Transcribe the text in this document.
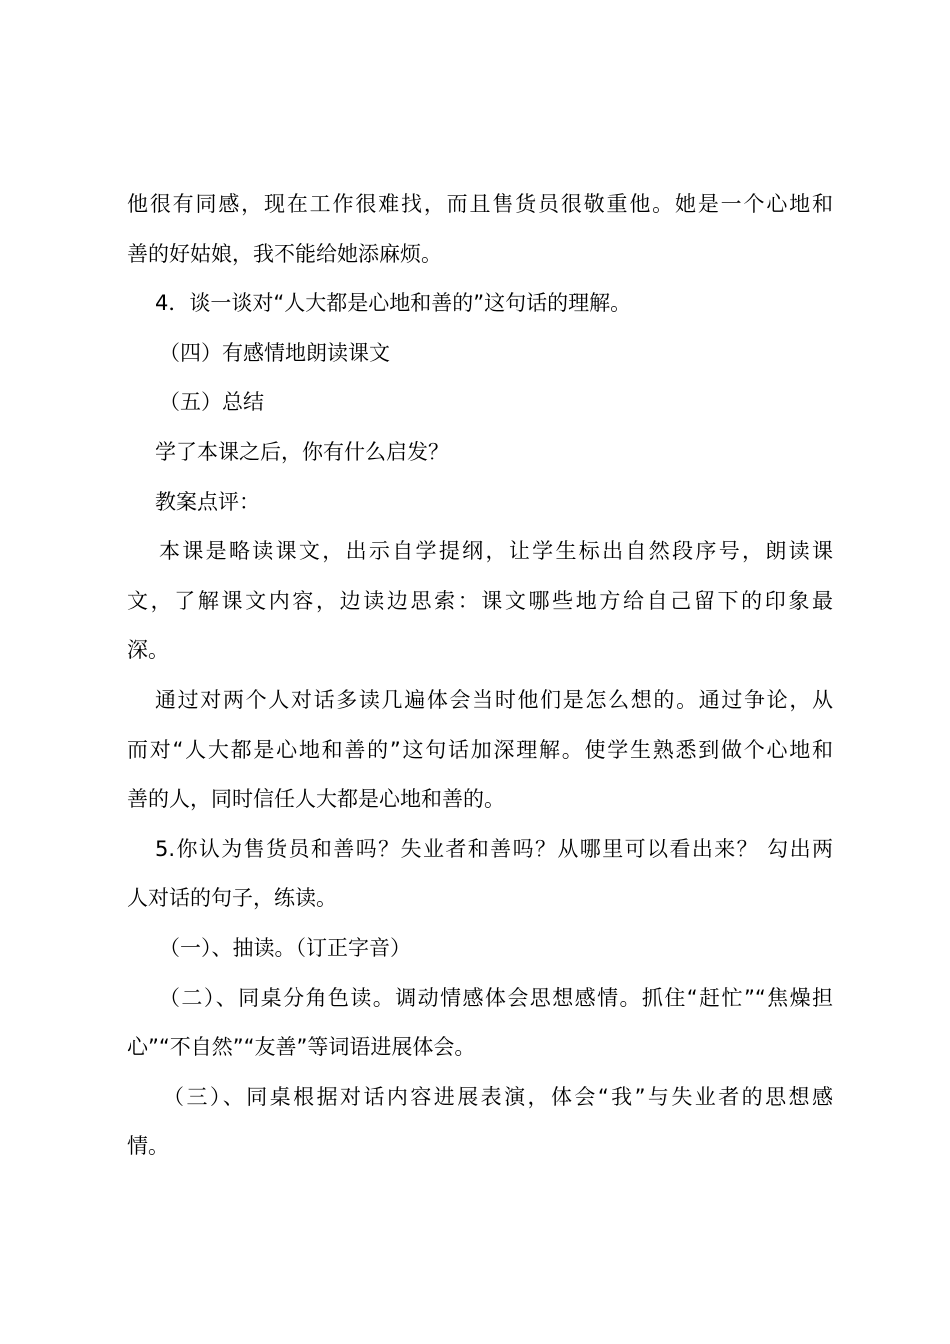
他很有同感，现在工作很难找，而且售货员很敬重他。她是一个心地和

善的好姑娘，我不能给她添麻烦。

4．谈一谈对“人大都是心地和善的”这句话的理解。

（四）有感情地朗读课文

（五）总结

学了本课之后，你有什么启发？

教案点评：

本课是略读课文，出示自学提纲，让学生标出自然段序号，朗读课

文，了解课文内容，边读边思索：课文哪些地方给自己留下的印象最

深。

通过对两个人对话多读几遍体会当时他们是怎么想的。通过争论，从

而对“人大都是心地和善的”这句话加深理解。使学生熟悉到做个心地和

善的人，同时信任人大都是心地和善的。

5.你认为售货员和善吗？失业者和善吗？从哪里可以看出来？ 勾出两

人对话的句子，练读。

（一）、抽读。（订正字音）

（二）、同桌分角色读。调动情感体会思想感情。抓住“赶忙”“焦燥担

心”“不自然”“友善”等词语进展体会。

（三）、同桌根据对话内容进展表演，体会“我”与失业者的思想感

情。
